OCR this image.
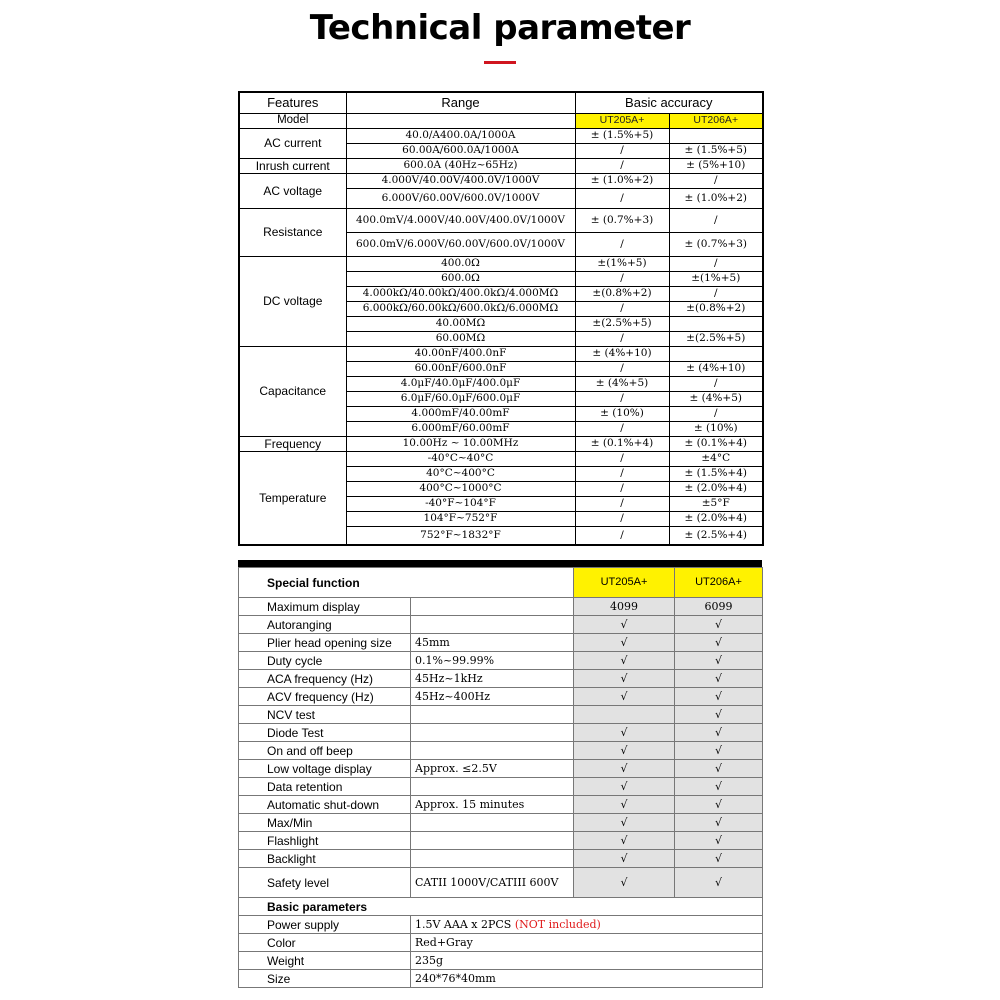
Technical parameter
Features	Range	Basic accuracy	
Model		UT205A+	UT206A+
AC current	40.0/A400.0A/1000A	± (1.5%+5)	
	60.00A/600.0A/1000A	/	± (1.5%+5)
Inrush current	600.0A (40Hz~65Hz)	/	± (5%+10)
AC voltage	4.000V/40.00V/400.0V/1000V	± (1.0%+2)	/
	6.000V/60.00V/600.0V/1000V	/	± (1.0%+2)
Resistance	400.0mV/4.000V/40.00V/400.0V/1000V	± (0.7%+3)	/
	600.0mV/6.000V/60.00V/600.0V/1000V	/	± (0.7%+3)
DC voltage	400.0Ω	±(1%+5)	/
	600.0Ω	/	±(1%+5)
	4.000kΩ/40.00kΩ/400.0kΩ/4.000MΩ	±(0.8%+2)	/
	6.000kΩ/60.00kΩ/600.0kΩ/6.000MΩ	/	±(0.8%+2)
	40.00MΩ	±(2.5%+5)	
	60.00MΩ	/	±(2.5%+5)
Capacitance	40.00nF/400.0nF	± (4%+10)	
	60.00nF/600.0nF	/	± (4%+10)
	4.0μF/40.0μF/400.0μF	± (4%+5)	/
	6.0μF/60.0μF/600.0μF	/	± (4%+5)
	4.000mF/40.00mF	± (10%)	/
	6.000mF/60.00mF	/	± (10%)
Frequency	10.00Hz ~ 10.00MHz	± (0.1%+4)	± (0.1%+4)
Temperature	-40°C~40°C	/	±4°C
	40°C~400°C	/	± (1.5%+4)
	400°C~1000°C	/	± (2.0%+4)
	-40°F~104°F	/	±5°F
	104°F~752°F	/	± (2.0%+4)
	752°F~1832°F	/	± (2.5%+4)
Special function		UT205A+	UT206A+
Maximum display		4099	6099
Autoranging		√	√
Plier head opening size	45mm	√	√
Duty cycle	0.1%~99.99%	√	√
ACA frequency (Hz)	45Hz~1kHz	√	√
ACV frequency (Hz)	45Hz~400Hz	√	√
NCV test			√
Diode Test		√	√
On and off beep		√	√
Low voltage display	Approx. ≤2.5V	√	√
Data retention		√	√
Automatic shut-down	Approx. 15 minutes	√	√
Max/Min		√	√
Flashlight		√	√
Backlight		√	√
Safety level	CATII 1000V/CATIII 600V	√	√
Basic parameters			
Power supply	1.5V AAA x 2PCS (NOT included)		
Color	Red+Gray		
Weight	235g		
Size	240*76*40mm		
